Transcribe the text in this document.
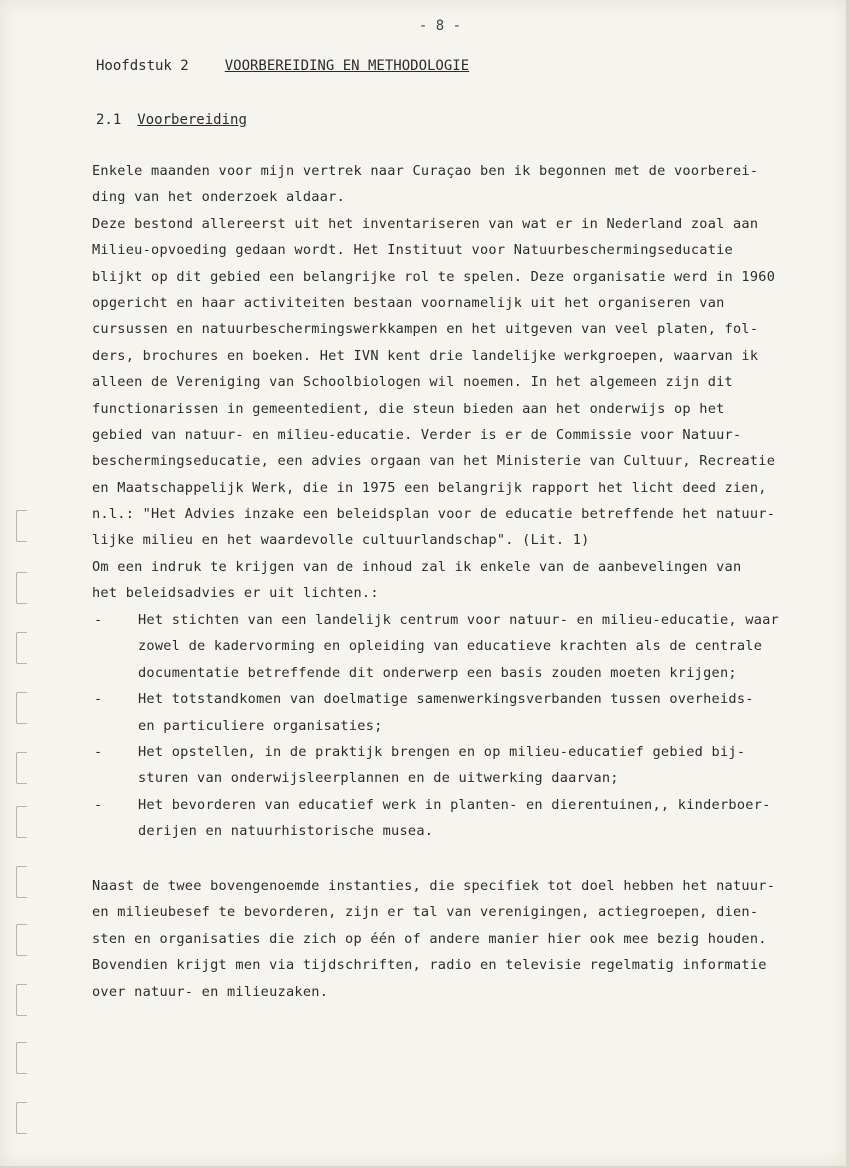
- 8 -
Hoofdstuk 2	VOORBEREIDING EN METHODOLOGIE
2.1 Voorbereiding
Enkele maanden voor mijn vertrek naar Curaçao ben ik begonnen met de voorberei-
ding van het onderzoek aldaar.
Deze bestond allereerst uit het inventariseren van wat er in Nederland zoal aan
Milieu-opvoeding gedaan wordt. Het Instituut voor Natuurbeschermingseducatie
blijkt op dit gebied een belangrijke rol te spelen. Deze organisatie werd in 1960
opgericht en haar activiteiten bestaan voornamelijk uit het organiseren van
cursussen en natuurbeschermingswerkkampen en het uitgeven van veel platen, fol-
ders, brochures en boeken. Het IVN kent drie landelijke werkgroepen, waarvan ik
alleen de Vereniging van Schoolbiologen wil noemen. In het algemeen zijn dit
functionarissen in gemeentedient, die steun bieden aan het onderwijs op het
gebied van natuur- en milieu-educatie. Verder is er de Commissie voor Natuur-
beschermingseducatie, een advies orgaan van het Ministerie van Cultuur, Recreatie
en Maatschappelijk Werk, die in 1975 een belangrijk rapport het licht deed zien,
n.l.: "Het Advies inzake een beleidsplan voor de educatie betreffende het natuur-
lijke milieu en het waardevolle cultuurlandschap". (Lit. 1)
Om een indruk te krijgen van de inhoud zal ik enkele van de aanbevelingen van
het beleidsadvies er uit lichten.:
-	Het stichten van een landelijk centrum voor natuur- en milieu-educatie, waar
zowel de kadervorming en opleiding van educatieve krachten als de centrale
documentatie betreffende dit onderwerp een basis zouden moeten krijgen;
-	Het totstandkomen van doelmatige samenwerkingsverbanden tussen overheids-
en particuliere organisaties;
-	Het opstellen, in de praktijk brengen en op milieu-educatief gebied bij-
sturen van onderwijsleerplannen en de uitwerking daarvan;
-	Het bevorderen van educatief werk in planten- en dierentuinen,, kinderboer-
derijen en natuurhistorische musea.
Naast de twee bovengenoemde instanties, die specifiek tot doel hebben het natuur-
en milieubesef te bevorderen, zijn er tal van verenigingen, actiegroepen, dien-
sten en organisaties die zich op één of andere manier hier ook mee bezig houden.
Bovendien krijgt men via tijdschriften, radio en televisie regelmatig informatie
over natuur- en milieuzaken.
